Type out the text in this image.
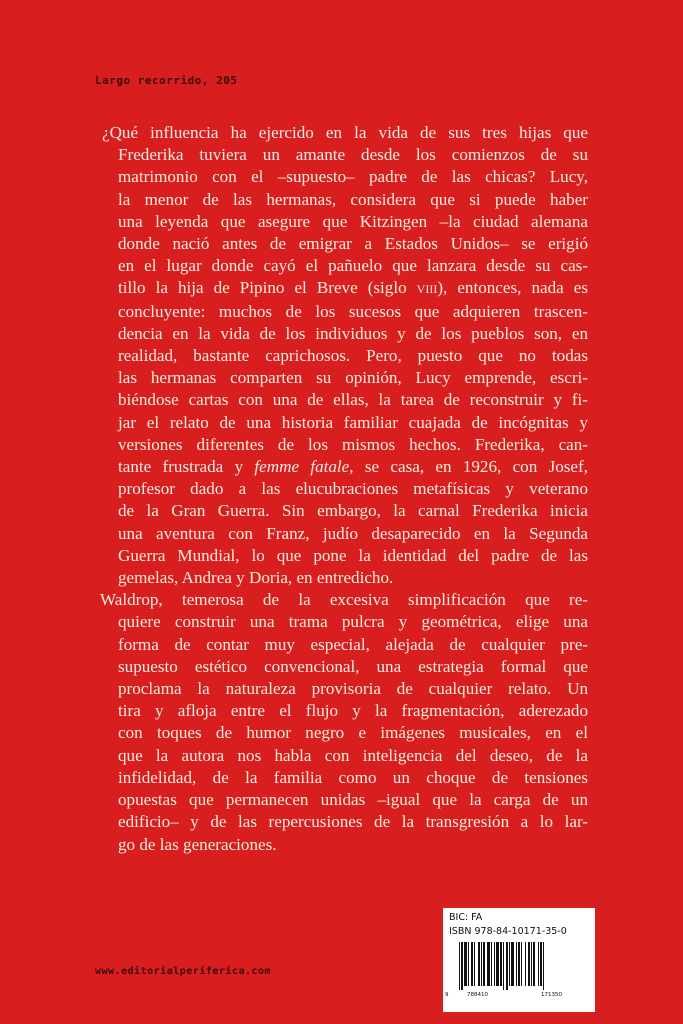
Largo recorrido, 205
¿Qué influencia ha ejercido en la vida de sus tres hijas que
Frederika tuviera un amante desde los comienzos de su
matrimonio con el –supuesto– padre de las chicas? Lucy,
la menor de las hermanas, considera que si puede haber
una leyenda que asegure que Kitzingen –la ciudad alemana
donde nació antes de emigrar a Estados Unidos– se erigió
en el lugar donde cayó el pañuelo que lanzara desde su cas-
tillo la hija de Pipino el Breve (siglo VIII), entonces, nada es
concluyente: muchos de los sucesos que adquieren trascen-
dencia en la vida de los individuos y de los pueblos son, en
realidad, bastante caprichosos. Pero, puesto que no todas
las hermanas comparten su opinión, Lucy emprende, escri-
biéndose cartas con una de ellas, la tarea de reconstruir y fi-
jar el relato de una historia familiar cuajada de incógnitas y
versiones diferentes de los mismos hechos. Frederika, can-
tante frustrada y femme fatale, se casa, en 1926, con Josef,
profesor dado a las elucubraciones metafísicas y veterano
de la Gran Guerra. Sin embargo, la carnal Frederika inicia
una aventura con Franz, judío desaparecido en la Segunda
Guerra Mundial, lo que pone la identidad del padre de las
gemelas, Andrea y Doria, en entredicho.
Waldrop, temerosa de la excesiva simplificación que re-
quiere construir una trama pulcra y geométrica, elige una
forma de contar muy especial, alejada de cualquier pre-
supuesto estético convencional, una estrategia formal que
proclama la naturaleza provisoria de cualquier relato. Un
tira y afloja entre el flujo y la fragmentación, aderezado
con toques de humor negro e imágenes musicales, en el
que la autora nos habla con inteligencia del deseo, de la
infidelidad, de la familia como un choque de tensiones
opuestas que permanecen unidas –igual que la carga de un
edificio– y de las repercusiones de la transgresión a lo lar-
go de las generaciones.
BIC: FA
ISBN 978-84-10171-35-0
9	788410	171350
www.editorialperiferica.com
